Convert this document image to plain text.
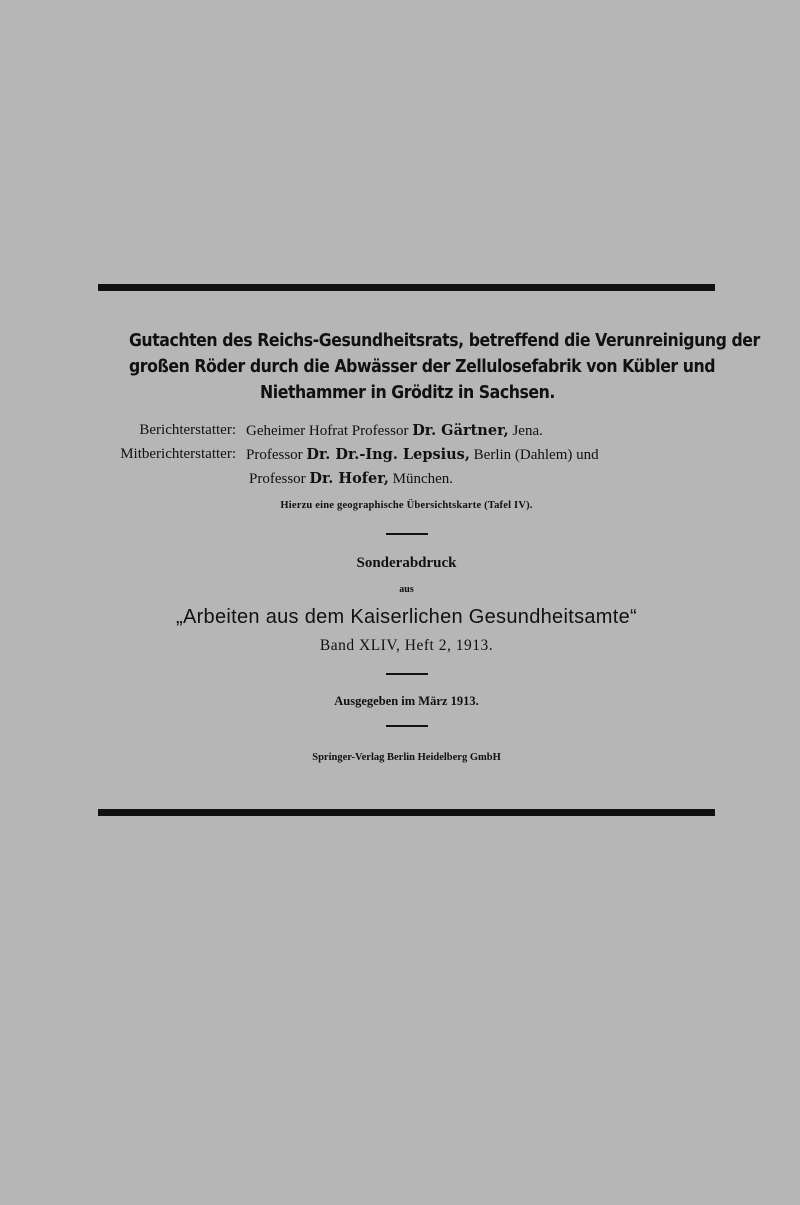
Gutachten des Reichs-Gesundheitsrats, betreffend die Verunreinigung der
großen Röder durch die Abwässer der Zellulosefabrik von Kübler und
Niethammer in Gröditz in Sachsen.
Berichterstatter: Geheimer Hofrat Professor Dr. Gärtner, Jena.
Mitberichterstatter: Professor Dr. Dr.-Ing. Lepsius, Berlin (Dahlem) und
Professor Dr. Hofer, München.
Hierzu eine geographische Übersichtskarte (Tafel IV).
Sonderabdruck
aus
„Arbeiten aus dem Kaiserlichen Gesundheitsamte“
Band XLIV, Heft 2, 1913.
Ausgegeben im März 1913.
Springer-Verlag Berlin Heidelberg GmbH
